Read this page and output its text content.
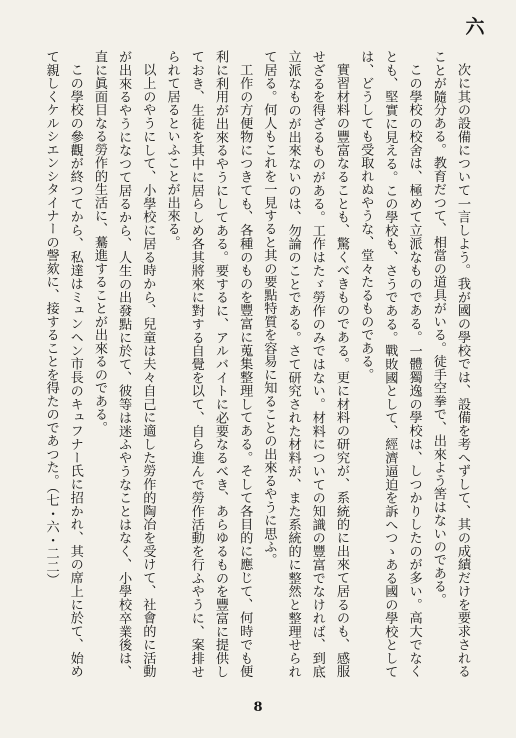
六

次に其の設備について一言しよう。我が國の學校では、設備を考へずして、其の成績だけを要求されることが隨分ある。教育だつて、相當の道具がいる。徒手空拳で、出來よう筈はないのである。

この學校の校舍は、極めて立派なものである。一體獨逸の學校は、しつかりしたのが多い。高大でなくとも、堅實に見える。この學校も、さうである。戰敗國として、經濟逼迫を訴へつゝある國の學校としては、どうしても受取れぬやうな、堂々たるものである。

實習材料の豐富なることも、驚くべきものである。更に材料の研究が、系統的に出來て居るのも、感服せざるを得ざるものがある。工作はたゞ勞作のみではない。材料についての知識の豐富でなければ、到底立派なものが出來ないのは、勿論のことである。さて研究された材料が、また系統的に整然と整理せられて居る。何人もこれを一見すると其の要點特質を容易に知ることの出來るやうに思ふ。

工作の方便物につきても、各種のものを豐富に蒐集整理してある。そして各目的に應じて、何時でも便利に利用が出來るやうにしてある。要するに、アルバイトに必要なるべき、あらゆるものを豐富に提供しておき、生徒を其中に居らしめ各其將來に對する自覺を以て、自ら進んで勞作活動を行ふやうに、案排せられて居るといふことが出來る。

以上のやうにして、小學校に居る時から、兒童は夫々自己に適した勞作的陶冶を受けて、社會的に活動が出來るやうになつて居るから、人生の出發點に於て、彼等は迷ふやうなことはなく、小學校卒業後は、直に眞面目なる勞作的生活に、驀進することが出來るのである。

この學校の參觀が終つてから、私達はミュンヘン市長のキュフナー氏に招かれ、其の席上に於て、始めて親しくケルシエンシタイナーの謦欬に、接することを得たのであつた。（七・六・二二）

8
